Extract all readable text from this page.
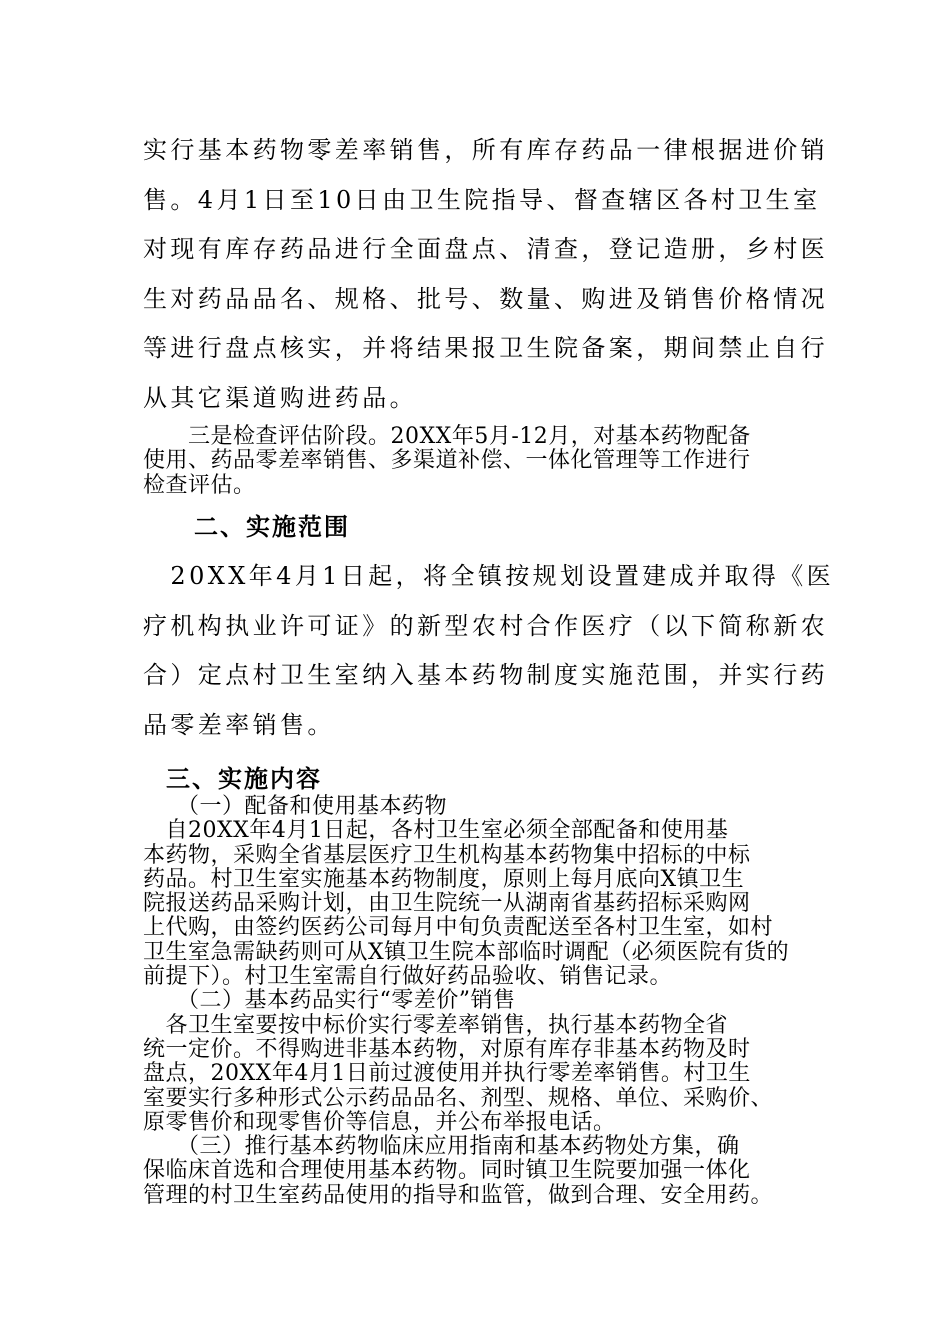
实行基本药物零差率销售，所有库存药品一律根据进价销
售。4月1日至10日由卫生院指导、督查辖区各村卫生室
对现有库存药品进行全面盘点、清查，登记造册，乡村医
生对药品品名、规格、批号、数量、购进及销售价格情况
等进行盘点核实，并将结果报卫生院备案，期间禁止自行
从其它渠道购进药品。
　　三是检查评估阶段。20XX年5月-12月，对基本药物配备
使用、药品零差率销售、多渠道补偿、一体化管理等工作进行
检查评估。

二、实施范围

　20XX年4月1日起，将全镇按规划设置建成并取得《医
疗机构执业许可证》的新型农村合作医疗（以下简称新农
合）定点村卫生室纳入基本药物制度实施范围，并实行药
品零差率销售。

三、实施内容

（一）配备和使用基本药物
　自20XX年4月1日起，各村卫生室必须全部配备和使用基
本药物，采购全省基层医疗卫生机构基本药物集中招标的中标
药品。村卫生室实施基本药物制度，原则上每月底向X镇卫生
院报送药品采购计划，由卫生院统一从湖南省基药招标采购网
上代购，由签约医药公司每月中旬负责配送至各村卫生室，如村
卫生室急需缺药则可从X镇卫生院本部临时调配（必须医院有货的
前提下）。村卫生室需自行做好药品验收、销售记录。
（二）基本药品实行“零差价”销售
　各卫生室要按中标价实行零差率销售，执行基本药物全省
统一定价。不得购进非基本药物，对原有库存非基本药物及时
盘点，20XX年4月1日前过渡使用并执行零差率销售。村卫生
室要实行多种形式公示药品品名、剂型、规格、单位、采购价、
原零售价和现零售价等信息，并公布举报电话。
　　（三）推行基本药物临床应用指南和基本药物处方集，确
保临床首选和合理使用基本药物。同时镇卫生院要加强一体化
管理的村卫生室药品使用的指导和监管，做到合理、安全用药。
